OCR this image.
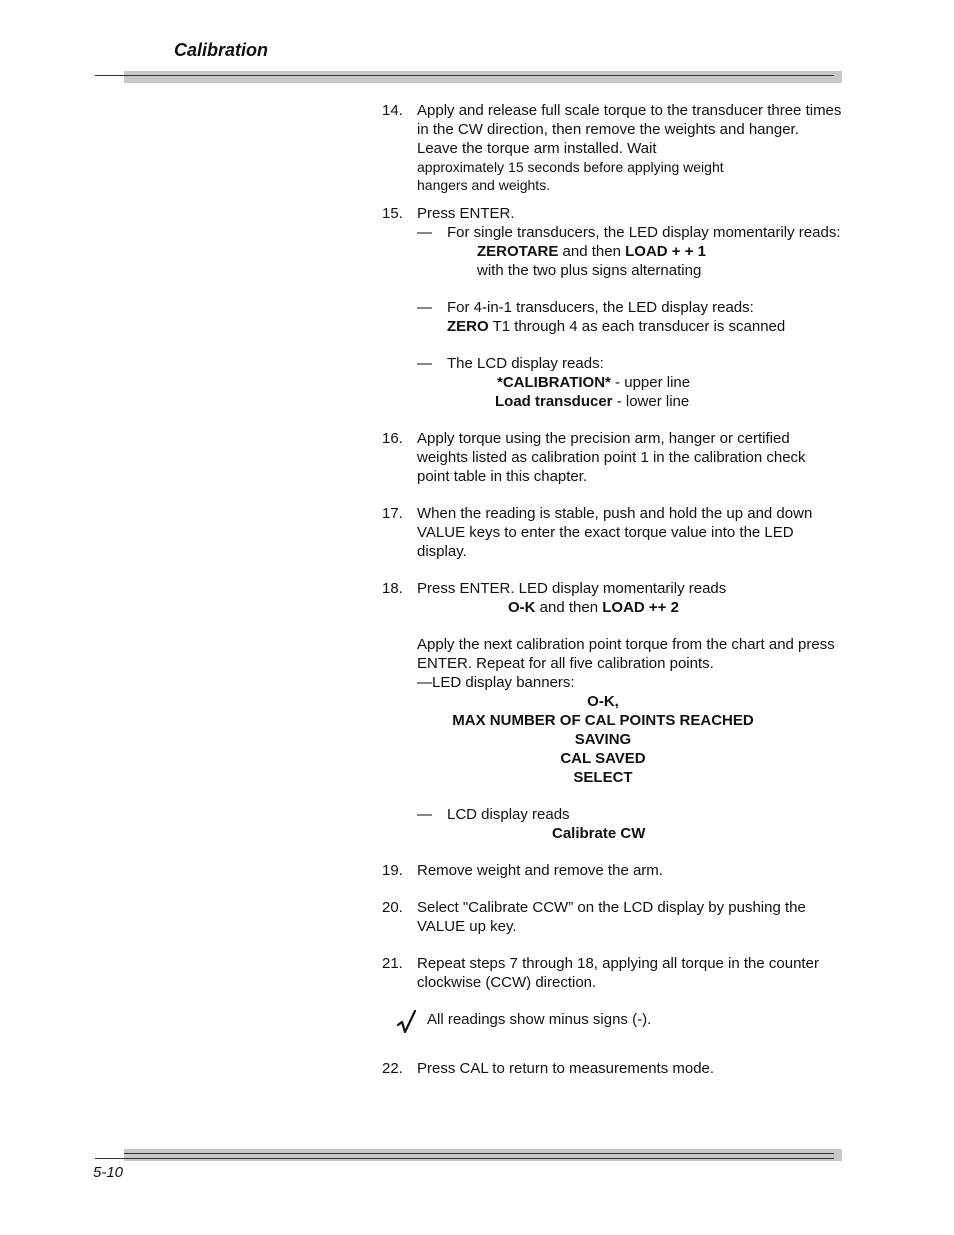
Calibration
14. Apply and release full scale torque to the transducer three times in the CW direction, then remove the weights and hanger. Leave the torque arm installed. Wait
approximately 15 seconds before applying weight hangers and weights.
15. Press ENTER.
—	For single transducers, the LED display momentarily reads:
ZEROTARE and then LOAD + + 1
with the two plus signs alternating
—	For 4-in-1 transducers, the LED display reads:
ZERO T1 through 4 as each transducer is scanned
—	The LCD display reads:
*CALIBRATION* - upper line
Load transducer - lower line
16. Apply torque using the precision arm, hanger or certified weights listed as calibration point 1 in the calibration check point table in this chapter.
17. When the reading is stable, push and hold the up and down VALUE keys to enter the exact torque value into the LED display.
18. Press ENTER. LED display momentarily reads
O-K and then LOAD ++ 2
Apply the next calibration point torque from the chart and press ENTER. Repeat for all five calibration points.
—LED display banners:
O-K,
MAX NUMBER OF CAL POINTS REACHED
SAVING
CAL SAVED
SELECT
—	LCD display reads
Calibrate CW
19. Remove weight and remove the arm.
20. Select "Calibrate CCW” on the LCD display by pushing the VALUE up key.
21. Repeat steps 7 through 18, applying all torque in the counter clockwise (CCW) direction.
All readings show minus signs (-).
22. Press CAL to return to measurements mode.
5-10
